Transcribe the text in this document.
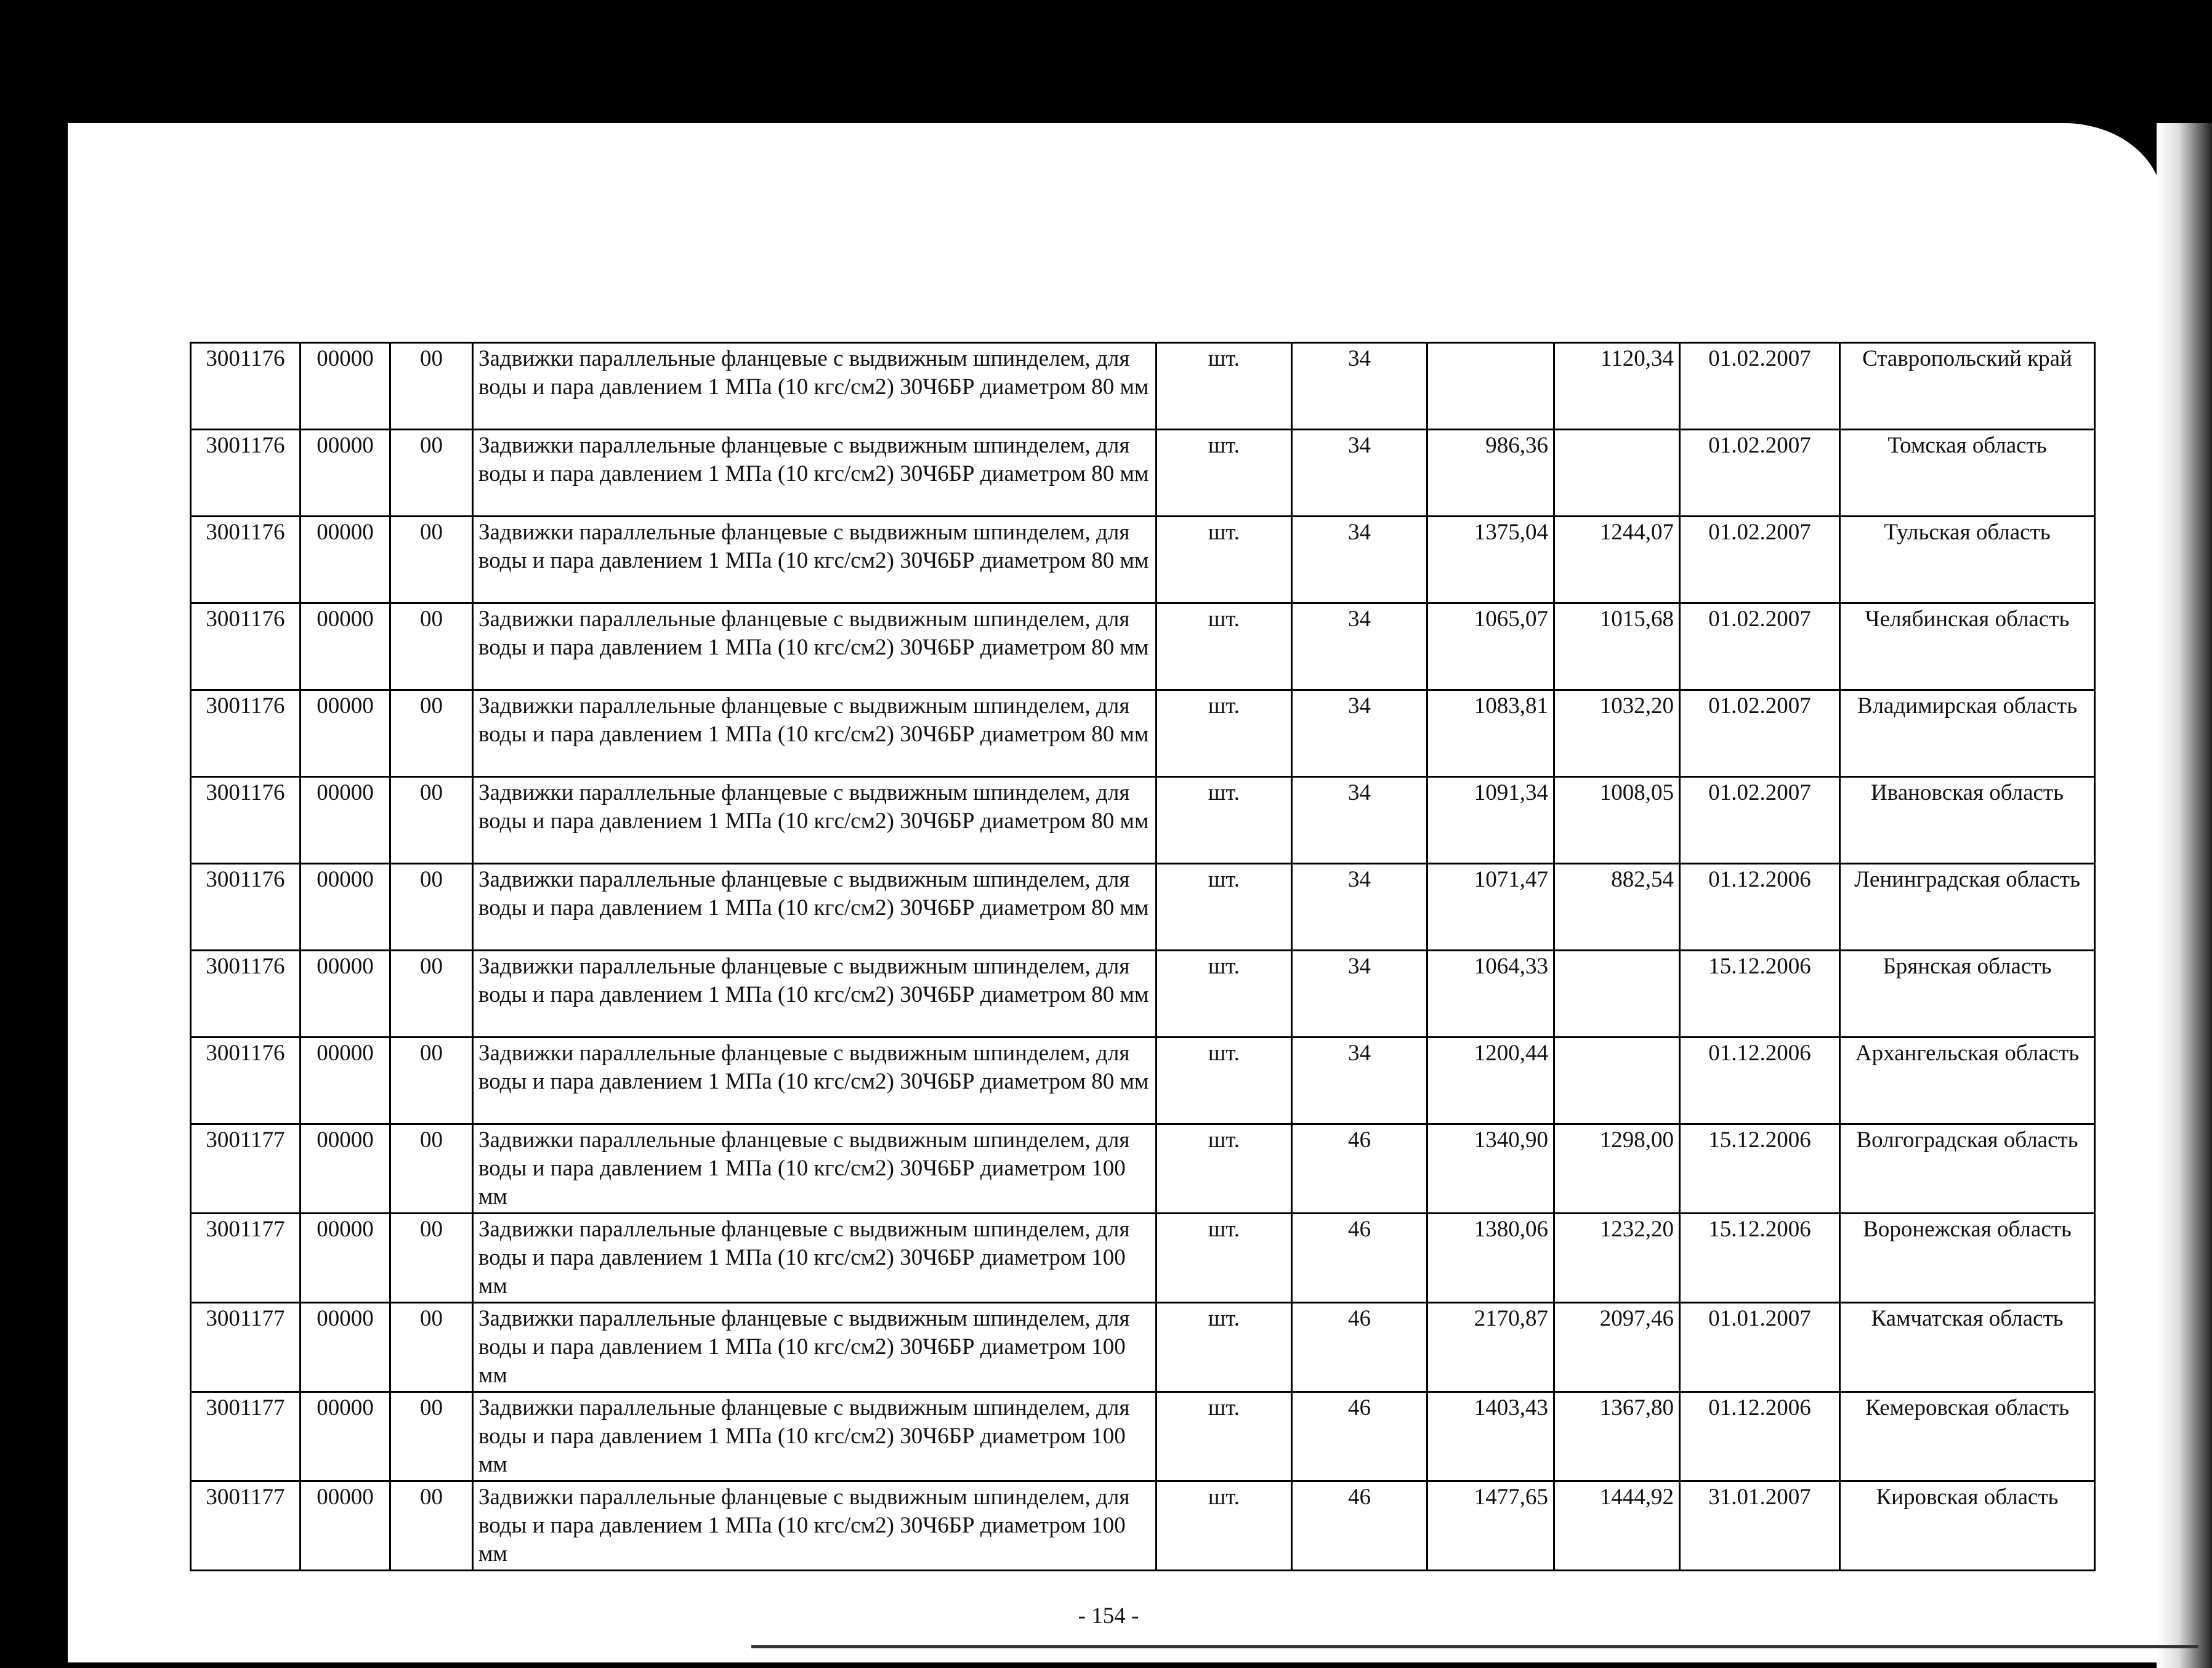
3001176	00000	00	Задвижки параллельные фланцевые с выдвижным шпинделем, для воды и пара давлением 1 МПа (10 кгс/см2) 30Ч6БР диаметром 80 мм	шт.	34		1120,34	01.02.2007	Ставропольский край
3001176	00000	00	Задвижки параллельные фланцевые с выдвижным шпинделем, для воды и пара давлением 1 МПа (10 кгс/см2) 30Ч6БР диаметром 80 мм	шт.	34	986,36		01.02.2007	Томская область
3001176	00000	00	Задвижки параллельные фланцевые с выдвижным шпинделем, для воды и пара давлением 1 МПа (10 кгс/см2) 30Ч6БР диаметром 80 мм	шт.	34	1375,04	1244,07	01.02.2007	Тульская область
3001176	00000	00	Задвижки параллельные фланцевые с выдвижным шпинделем, для воды и пара давлением 1 МПа (10 кгс/см2) 30Ч6БР диаметром 80 мм	шт.	34	1065,07	1015,68	01.02.2007	Челябинская область
3001176	00000	00	Задвижки параллельные фланцевые с выдвижным шпинделем, для воды и пара давлением 1 МПа (10 кгс/см2) 30Ч6БР диаметром 80 мм	шт.	34	1083,81	1032,20	01.02.2007	Владимирская область
3001176	00000	00	Задвижки параллельные фланцевые с выдвижным шпинделем, для воды и пара давлением 1 МПа (10 кгс/см2) 30Ч6БР диаметром 80 мм	шт.	34	1091,34	1008,05	01.02.2007	Ивановская область
3001176	00000	00	Задвижки параллельные фланцевые с выдвижным шпинделем, для воды и пара давлением 1 МПа (10 кгс/см2) 30Ч6БР диаметром 80 мм	шт.	34	1071,47	882,54	01.12.2006	Ленинградская область
3001176	00000	00	Задвижки параллельные фланцевые с выдвижным шпинделем, для воды и пара давлением 1 МПа (10 кгс/см2) 30Ч6БР диаметром 80 мм	шт.	34	1064,33		15.12.2006	Брянская область
3001176	00000	00	Задвижки параллельные фланцевые с выдвижным шпинделем, для воды и пара давлением 1 МПа (10 кгс/см2) 30Ч6БР диаметром 80 мм	шт.	34	1200,44		01.12.2006	Архангельская область
3001177	00000	00	Задвижки параллельные фланцевые с выдвижным шпинделем, для воды и пара давлением 1 МПа (10 кгс/см2) 30Ч6БР диаметром 100 мм	шт.	46	1340,90	1298,00	15.12.2006	Волгоградская область
3001177	00000	00	Задвижки параллельные фланцевые с выдвижным шпинделем, для воды и пара давлением 1 МПа (10 кгс/см2) 30Ч6БР диаметром 100 мм	шт.	46	1380,06	1232,20	15.12.2006	Воронежская область
3001177	00000	00	Задвижки параллельные фланцевые с выдвижным шпинделем, для воды и пара давлением 1 МПа (10 кгс/см2) 30Ч6БР диаметром 100 мм	шт.	46	2170,87	2097,46	01.01.2007	Камчатская область
3001177	00000	00	Задвижки параллельные фланцевые с выдвижным шпинделем, для воды и пара давлением 1 МПа (10 кгс/см2) 30Ч6БР диаметром 100 мм	шт.	46	1403,43	1367,80	01.12.2006	Кемеровская область
3001177	00000	00	Задвижки параллельные фланцевые с выдвижным шпинделем, для воды и пара давлением 1 МПа (10 кгс/см2) 30Ч6БР диаметром 100 мм	шт.	46	1477,65	1444,92	31.01.2007	Кировская область
- 154 -
